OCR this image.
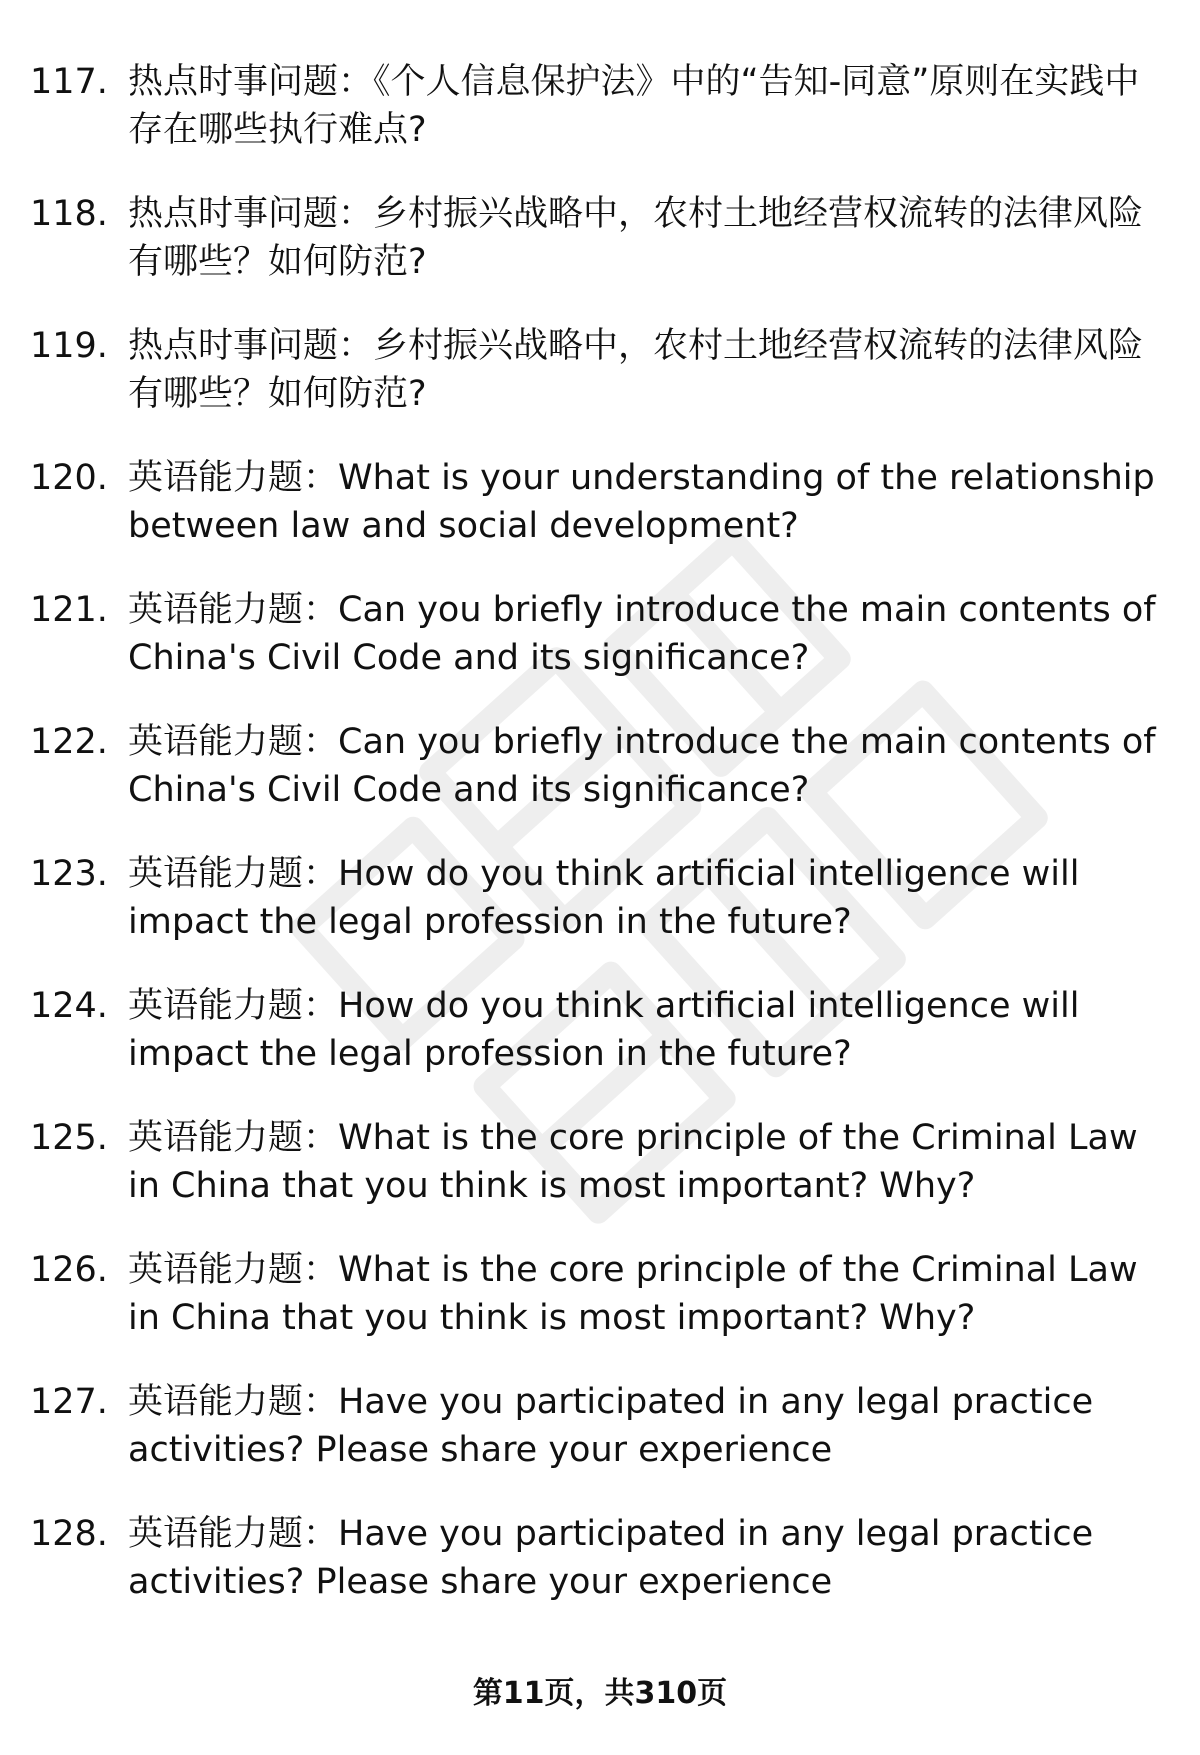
117. 热点时事问题：《个人信息保护法》中的“告知-同意”原则在实践中存在哪些执行难点?
118. 热点时事问题：乡村振兴战略中，农村土地经营权流转的法律风险有哪些？如何防范?
119. 热点时事问题：乡村振兴战略中，农村土地经营权流转的法律风险有哪些？如何防范?
120. 英语能力题：What is your understanding of the relationship between law and social development?
121. 英语能力题：Can you briefly introduce the main contents of China's Civil Code and its significance?
122. 英语能力题：Can you briefly introduce the main contents of China's Civil Code and its significance?
123. 英语能力题：How do you think artificial intelligence will impact the legal profession in the future?
124. 英语能力题：How do you think artificial intelligence will impact the legal profession in the future?
125. 英语能力题：What is the core principle of the Criminal Law in China that you think is most important? Why?
126. 英语能力题：What is the core principle of the Criminal Law in China that you think is most important? Why?
127. 英语能力题：Have you participated in any legal practice activities? Please share your experience
128. 英语能力题：Have you participated in any legal practice activities? Please share your experience
第11页，共310页
